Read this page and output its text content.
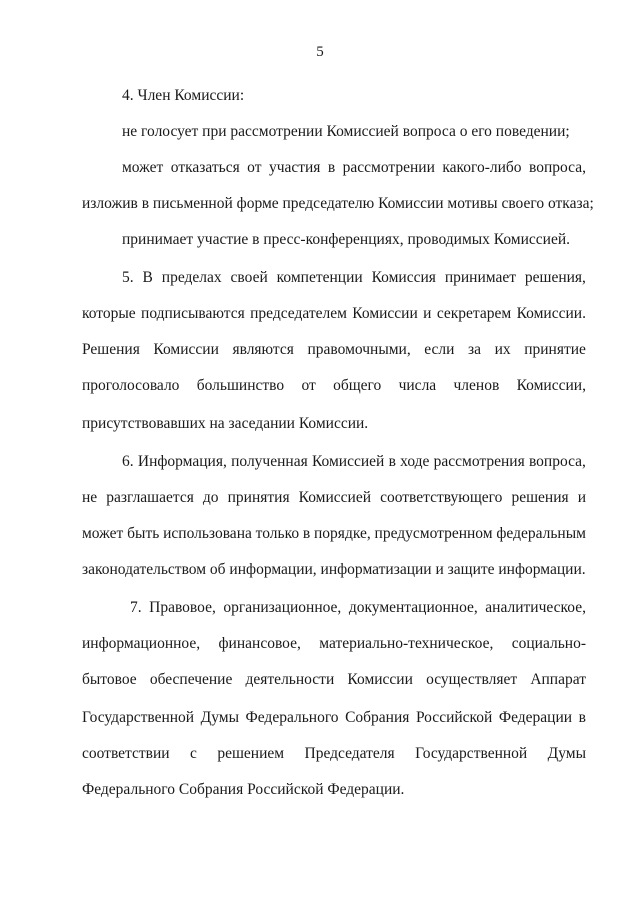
5
4. Член Комиссии:
не голосует при рассмотрении Комиссией вопроса о его поведении;
может отказаться от участия в рассмотрении какого-либо вопроса,
изложив в письменной форме председателю Комиссии мотивы своего отказа;
принимает участие в пресс-конференциях, проводимых Комиссией.
5. В пределах своей компетенции Комиссия принимает решения,
которые подписываются председателем Комиссии и секретарем Комиссии.
Решения Комиссии являются правомочными, если за их принятие
проголосовало большинство от общего числа членов Комиссии,
присутствовавших на заседании Комиссии.
6. Информация, полученная Комиссией в ходе рассмотрения вопроса,
не разглашается до принятия Комиссией соответствующего решения и
может быть использована только в порядке, предусмотренном федеральным
законодательством об информации, информатизации и защите информации.
7. Правовое, организационное, документационное, аналитическое,
информационное, финансовое, материально-техническое, социально-
бытовое обеспечение деятельности Комиссии осуществляет Аппарат
Государственной Думы Федерального Собрания Российской Федерации в
соответствии с решением Председателя Государственной Думы
Федерального Собрания Российской Федерации.
